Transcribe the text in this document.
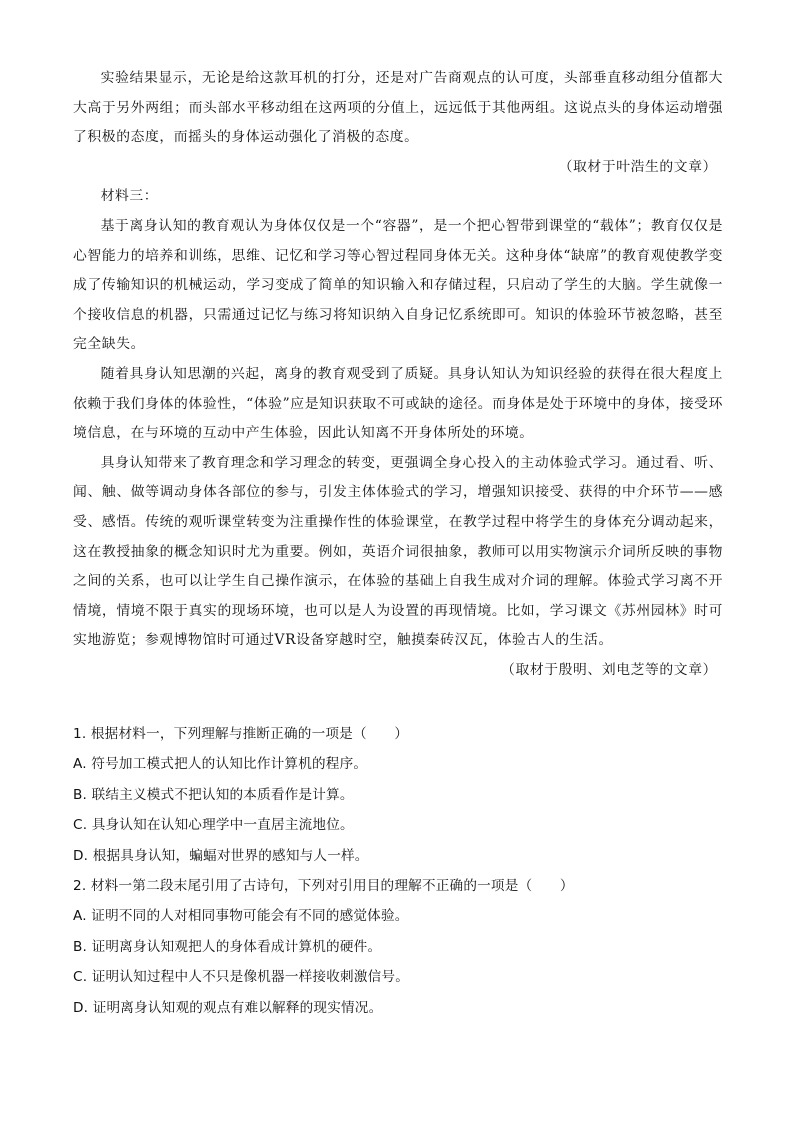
实验结果显示，无论是给这款耳机的打分，还是对广告商观点的认可度，头部垂直移动组分值都大大高于另外两组；而头部水平移动组在这两项的分值上，远远低于其他两组。这说点头的身体运动增强了积极的态度，而摇头的身体运动强化了消极的态度。

（取材于叶浩生的文章）

材料三：

基于离身认知的教育观认为身体仅仅是一个“容器”，是一个把心智带到课堂的“载体”；教育仅仅是心智能力的培养和训练，思维、记忆和学习等心智过程同身体无关。这种身体“缺席”的教育观使教学变成了传输知识的机械运动，学习变成了简单的知识输入和存储过程，只启动了学生的大脑。学生就像一个接收信息的机器，只需通过记忆与练习将知识纳入自身记忆系统即可。知识的体验环节被忽略，甚至完全缺失。

随着具身认知思潮的兴起，离身的教育观受到了质疑。具身认知认为知识经验的获得在很大程度上依赖于我们身体的体验性，“体验”应是知识获取不可或缺的途径。而身体是处于环境中的身体，接受环境信息，在与环境的互动中产生体验，因此认知离不开身体所处的环境。

具身认知带来了教育理念和学习理念的转变，更强调全身心投入的主动体验式学习。通过看、听、闻、触、做等调动身体各部位的参与，引发主体体验式的学习，增强知识接受、获得的中介环节——感受、感悟。传统的观听课堂转变为注重操作性的体验课堂，在教学过程中将学生的身体充分调动起来，这在教授抽象的概念知识时尤为重要。例如，英语介词很抽象，教师可以用实物演示介词所反映的事物之间的关系，也可以让学生自己操作演示，在体验的基础上自我生成对介词的理解。体验式学习离不开情境，情境不限于真实的现场环境，也可以是人为设置的再现情境。比如，学习课文《苏州园林》时可实地游览；参观博物馆时可通过VR设备穿越时空，触摸秦砖汉瓦，体验古人的生活。

（取材于殷明、刘电芝等的文章）

1. 根据材料一，下列理解与推断正确的一项是（　　）

A. 符号加工模式把人的认知比作计算机的程序。

B. 联结主义模式不把认知的本质看作是计算。

C. 具身认知在认知心理学中一直居主流地位。

D. 根据具身认知，蝙蝠对世界的感知与人一样。

2. 材料一第二段末尾引用了古诗句，下列对引用目的理解不正确的一项是（　　）

A. 证明不同的人对相同事物可能会有不同的感觉体验。

B. 证明离身认知观把人的身体看成计算机的硬件。

C. 证明认知过程中人不只是像机器一样接收刺激信号。

D. 证明离身认知观的观点有难以解释的现实情况。
